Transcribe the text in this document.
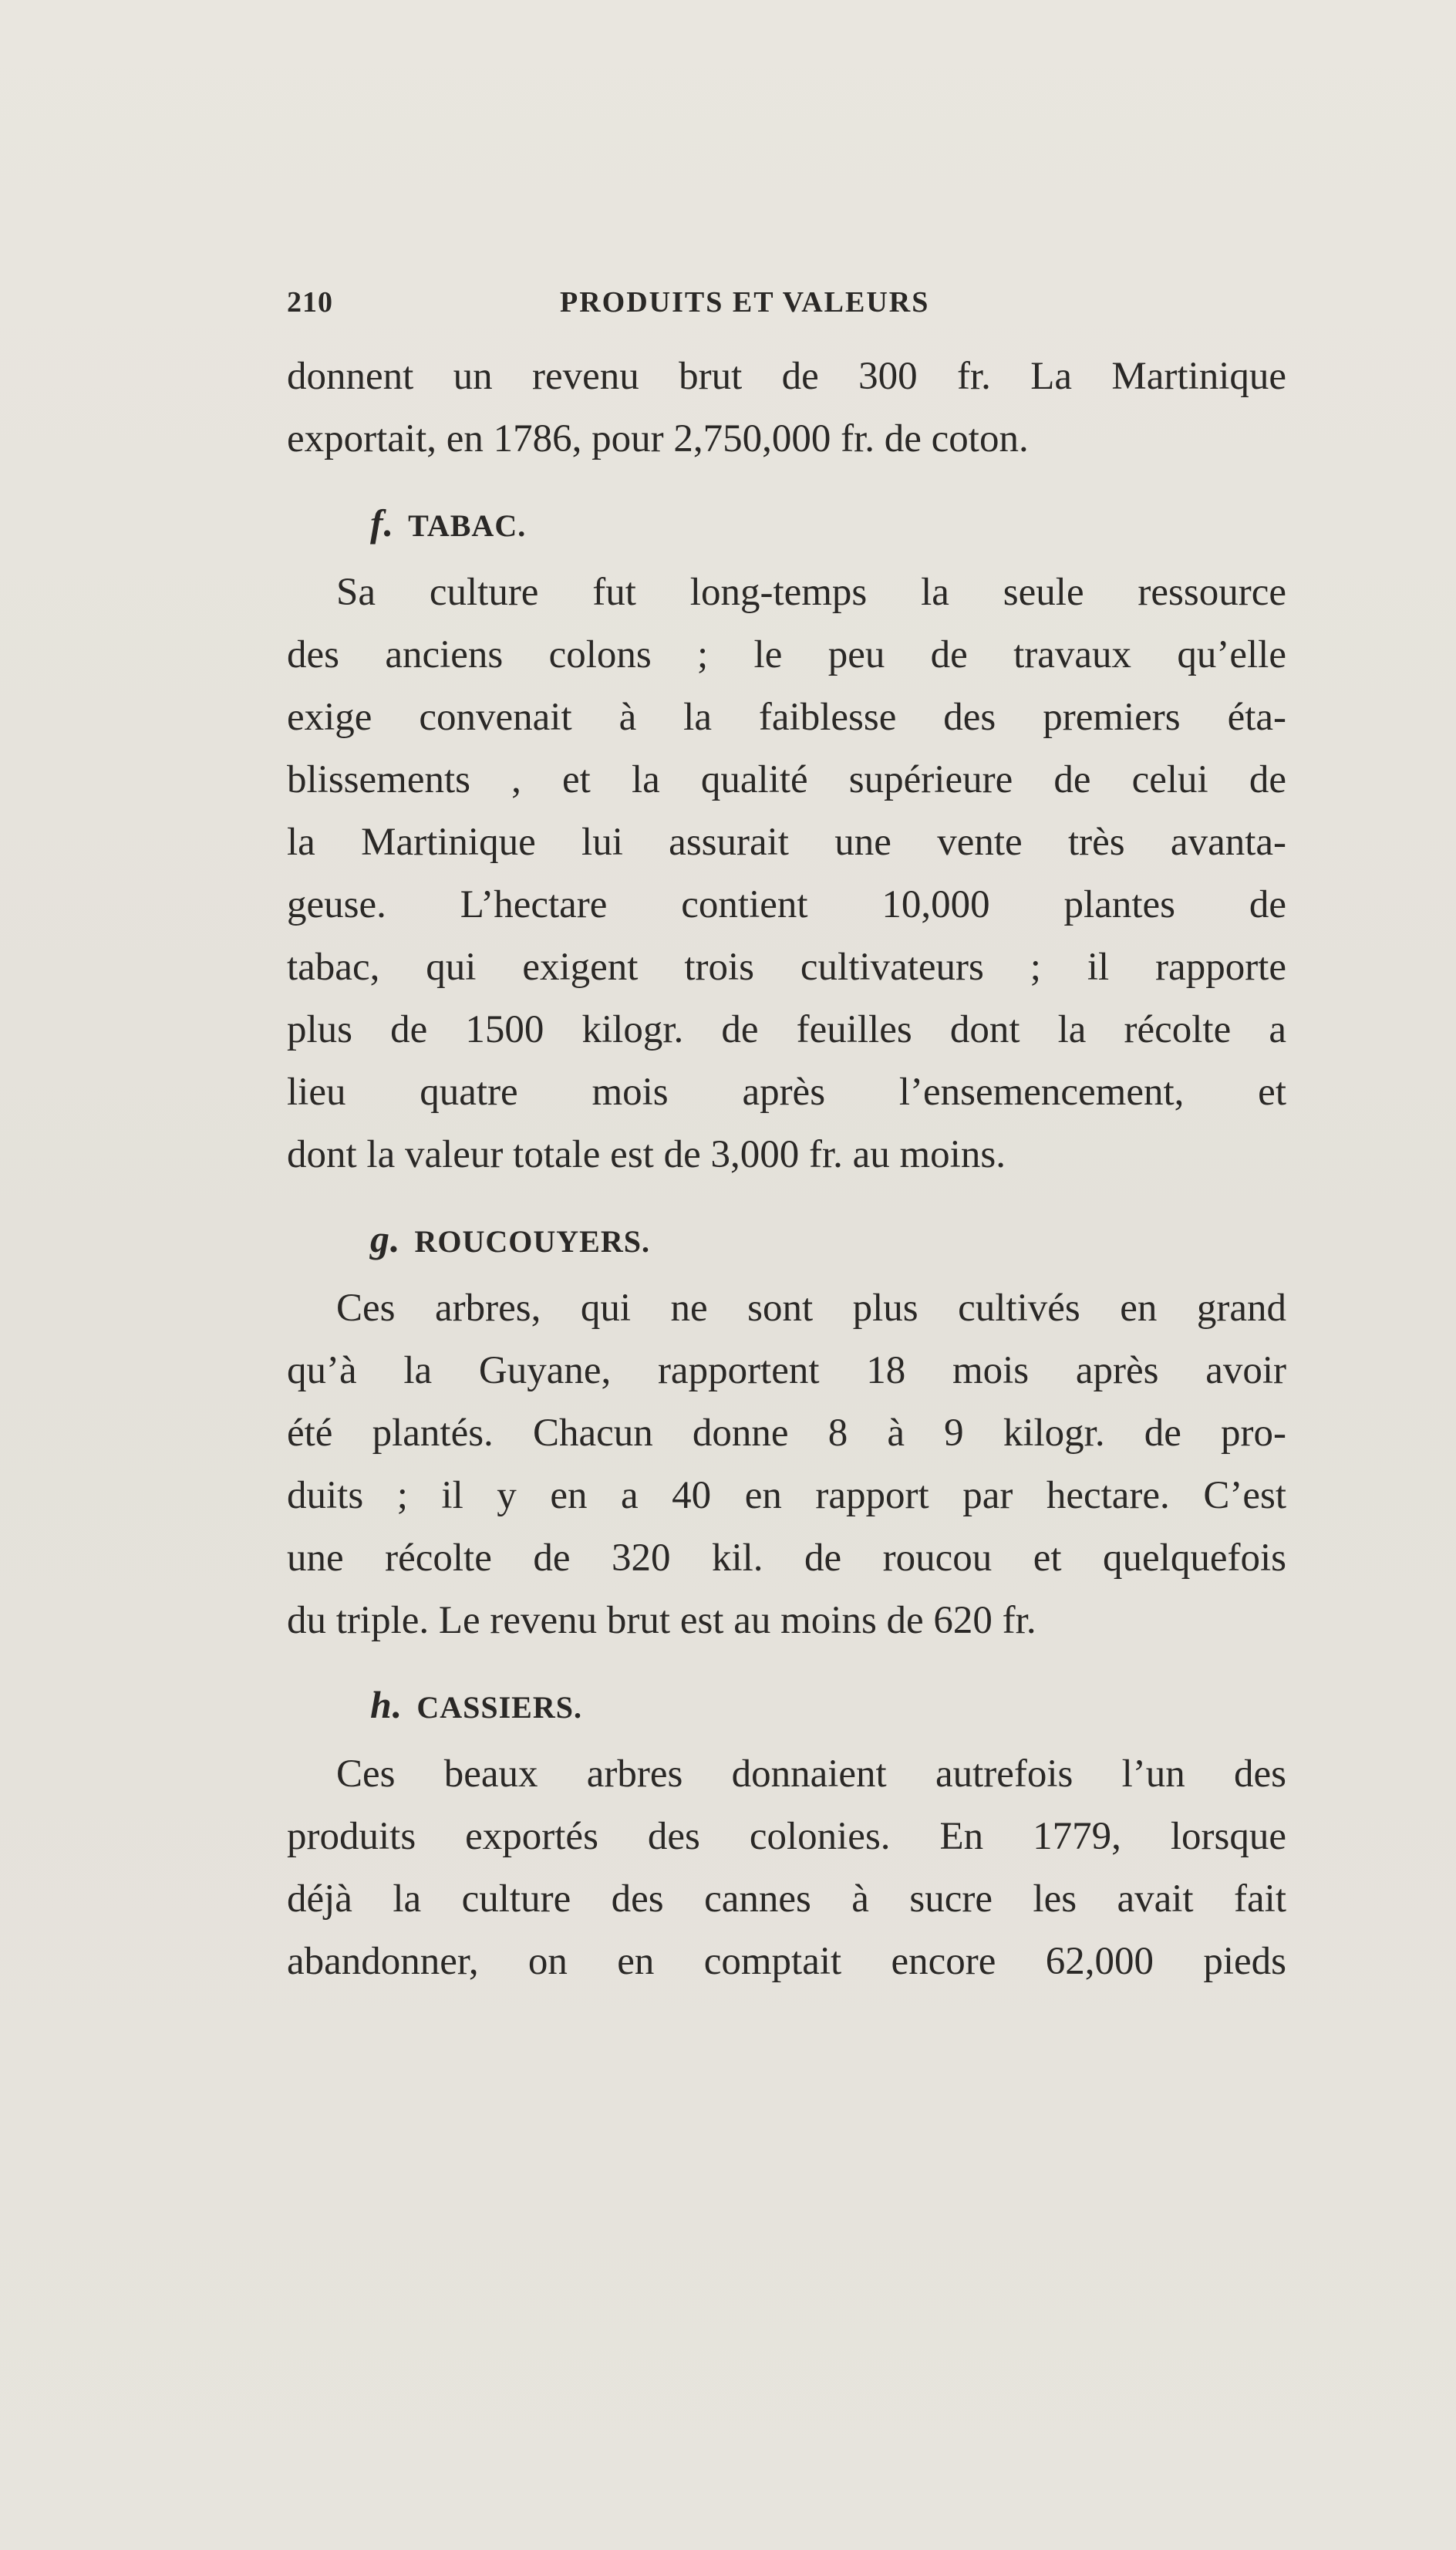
210	PRODUITS ET VALEURS
donnent un revenu brut de 300 fr. La Martinique
exportait, en 1786, pour 2,750,000 fr. de coton.
f. TABAC.
Sa culture fut long-temps la seule ressource
des anciens colons ; le peu de travaux qu’elle
exige convenait à la faiblesse des premiers éta-
blissements , et la qualité supérieure de celui de
la Martinique lui assurait une vente très avanta-
geuse. L’hectare contient 10,000 plantes de
tabac, qui exigent trois cultivateurs ; il rapporte
plus de 1500 kilogr. de feuilles dont la récolte a
lieu quatre mois après l’ensemencement, et
dont la valeur totale est de 3,000 fr. au moins.
g. ROUCOUYERS.
Ces arbres, qui ne sont plus cultivés en grand
qu’à la Guyane, rapportent 18 mois après avoir
été plantés. Chacun donne 8 à 9 kilogr. de pro-
duits ; il y en a 40 en rapport par hectare. C’est
une récolte de 320 kil. de roucou et quelquefois
du triple. Le revenu brut est au moins de 620 fr.
h. CASSIERS.
Ces beaux arbres donnaient autrefois l’un des
produits exportés des colonies. En 1779, lorsque
déjà la culture des cannes à sucre les avait fait
abandonner, on en comptait encore 62,000 pieds
